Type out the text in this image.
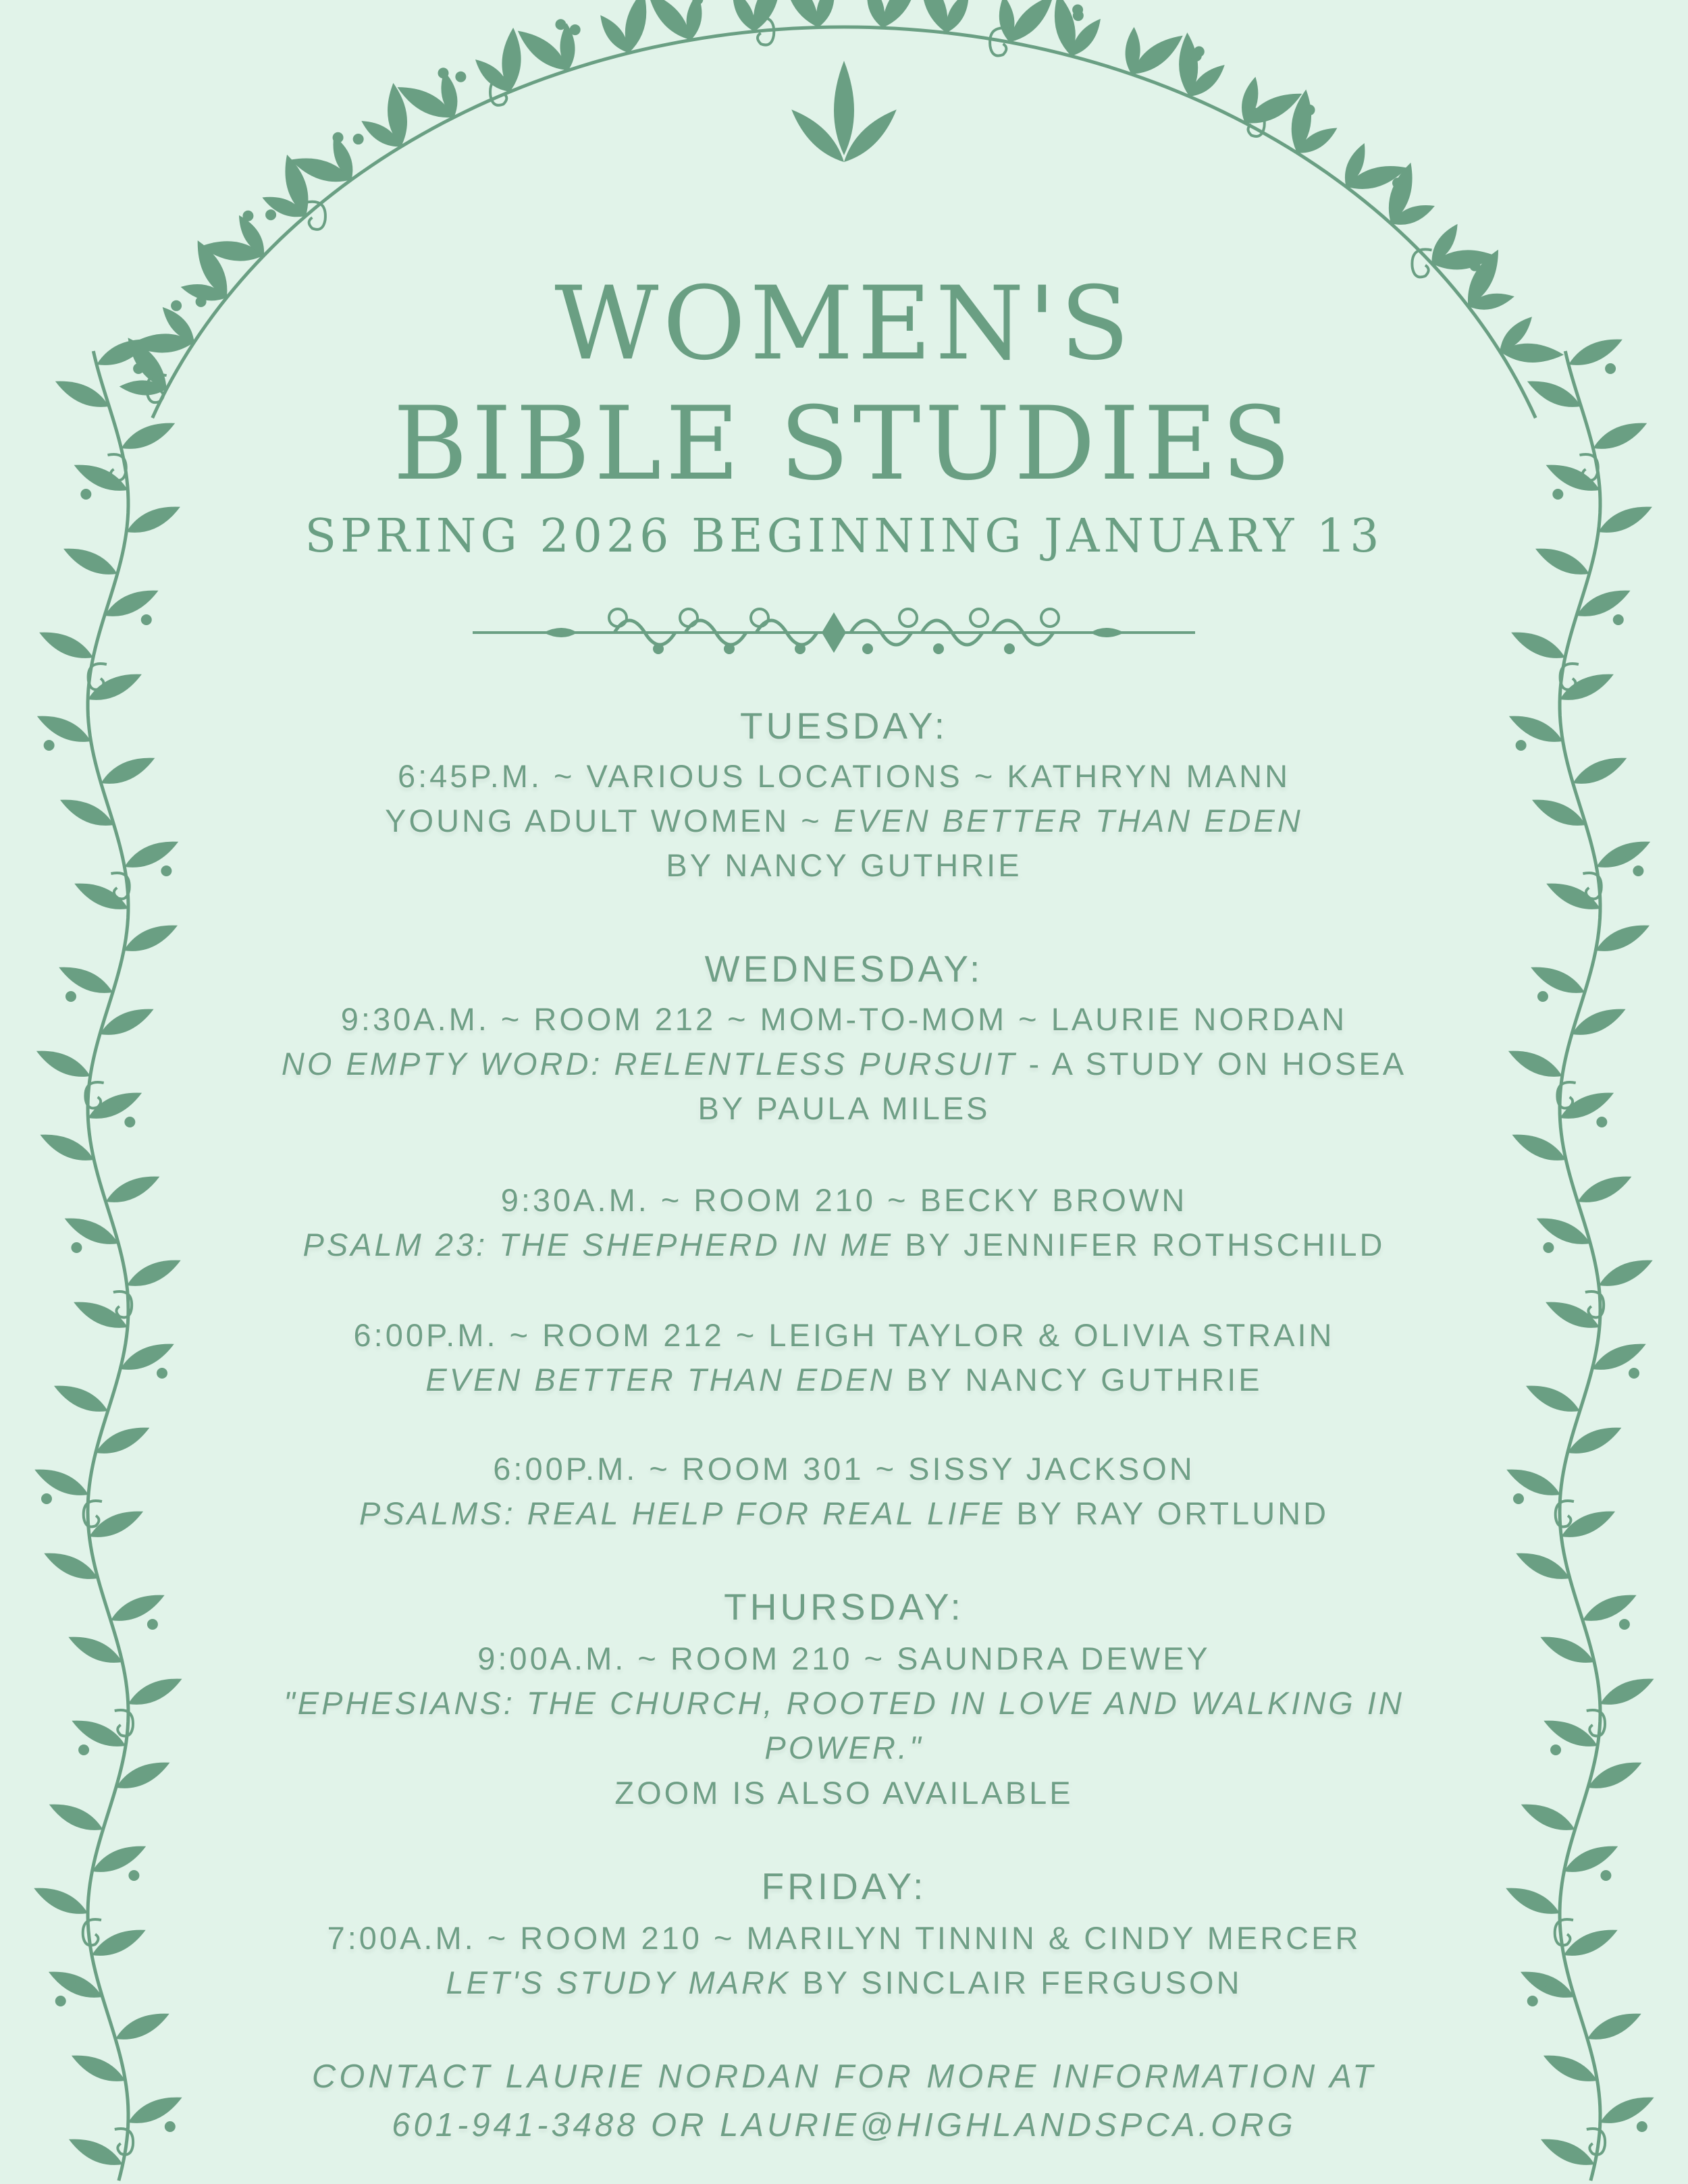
WOMEN'S
BIBLE STUDIES
SPRING 2026 BEGINNING JANUARY 13
TUESDAY:
6:45P.M. ~ VARIOUS LOCATIONS ~ KATHRYN MANN
YOUNG ADULT WOMEN ~ EVEN BETTER THAN EDEN
BY NANCY GUTHRIE
WEDNESDAY:
9:30A.M. ~ ROOM 212 ~ MOM-TO-MOM ~ LAURIE NORDAN
NO EMPTY WORD: RELENTLESS PURSUIT - A STUDY ON HOSEA
BY PAULA MILES
9:30A.M. ~ ROOM 210 ~ BECKY BROWN
PSALM 23: THE SHEPHERD IN ME BY JENNIFER ROTHSCHILD
6:00P.M. ~ ROOM 212 ~ LEIGH TAYLOR & OLIVIA STRAIN
EVEN BETTER THAN EDEN BY NANCY GUTHRIE
6:00P.M. ~ ROOM 301 ~ SISSY JACKSON
PSALMS: REAL HELP FOR REAL LIFE BY RAY ORTLUND
THURSDAY:
9:00A.M. ~ ROOM 210 ~ SAUNDRA DEWEY
"EPHESIANS: THE CHURCH, ROOTED IN LOVE AND WALKING IN
POWER."
ZOOM IS ALSO AVAILABLE
FRIDAY:
7:00A.M. ~ ROOM 210 ~ MARILYN TINNIN & CINDY MERCER
LET'S STUDY MARK BY SINCLAIR FERGUSON
CONTACT LAURIE NORDAN FOR MORE INFORMATION AT
601-941-3488 OR LAURIE@HIGHLANDSPCA.ORG
